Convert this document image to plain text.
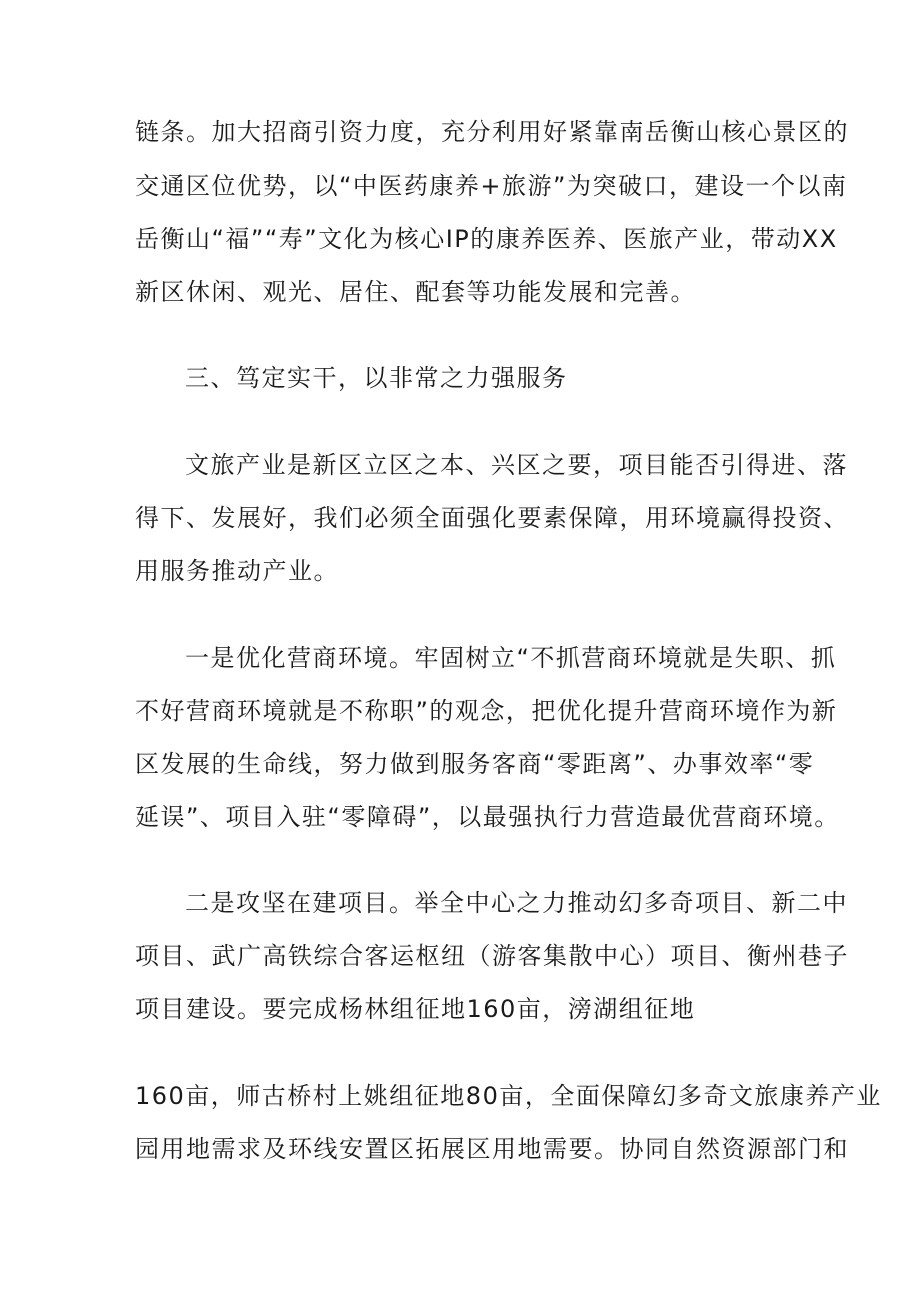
链条。加大招商引资力度，充分利用好紧靠南岳衡山核心景区的
交通区位优势，以“中医药康养+旅游”为突破口，建设一个以南
岳衡山“福”“寿”文化为核心IP的康养医养、医旅产业，带动XX
新区休闲、观光、居住、配套等功能发展和完善。
三、笃定实干，以非常之力强服务
文旅产业是新区立区之本、兴区之要，项目能否引得进、落
得下、发展好，我们必须全面强化要素保障，用环境赢得投资、
用服务推动产业。
一是优化营商环境。牢固树立“不抓营商环境就是失职、抓
不好营商环境就是不称职”的观念，把优化提升营商环境作为新
区发展的生命线，努力做到服务客商“零距离”、办事效率“零
延误”、项目入驻“零障碍”，以最强执行力营造最优营商环境。
二是攻坚在建项目。举全中心之力推动幻多奇项目、新二中
项目、武广高铁综合客运枢纽（游客集散中心）项目、衡州巷子
项目建设。要完成杨林组征地160亩，滂湖组征地
160亩，师古桥村上姚组征地80亩，全面保障幻多奇文旅康养产业
园用地需求及环线安置区拓展区用地需要。协同自然资源部门和
